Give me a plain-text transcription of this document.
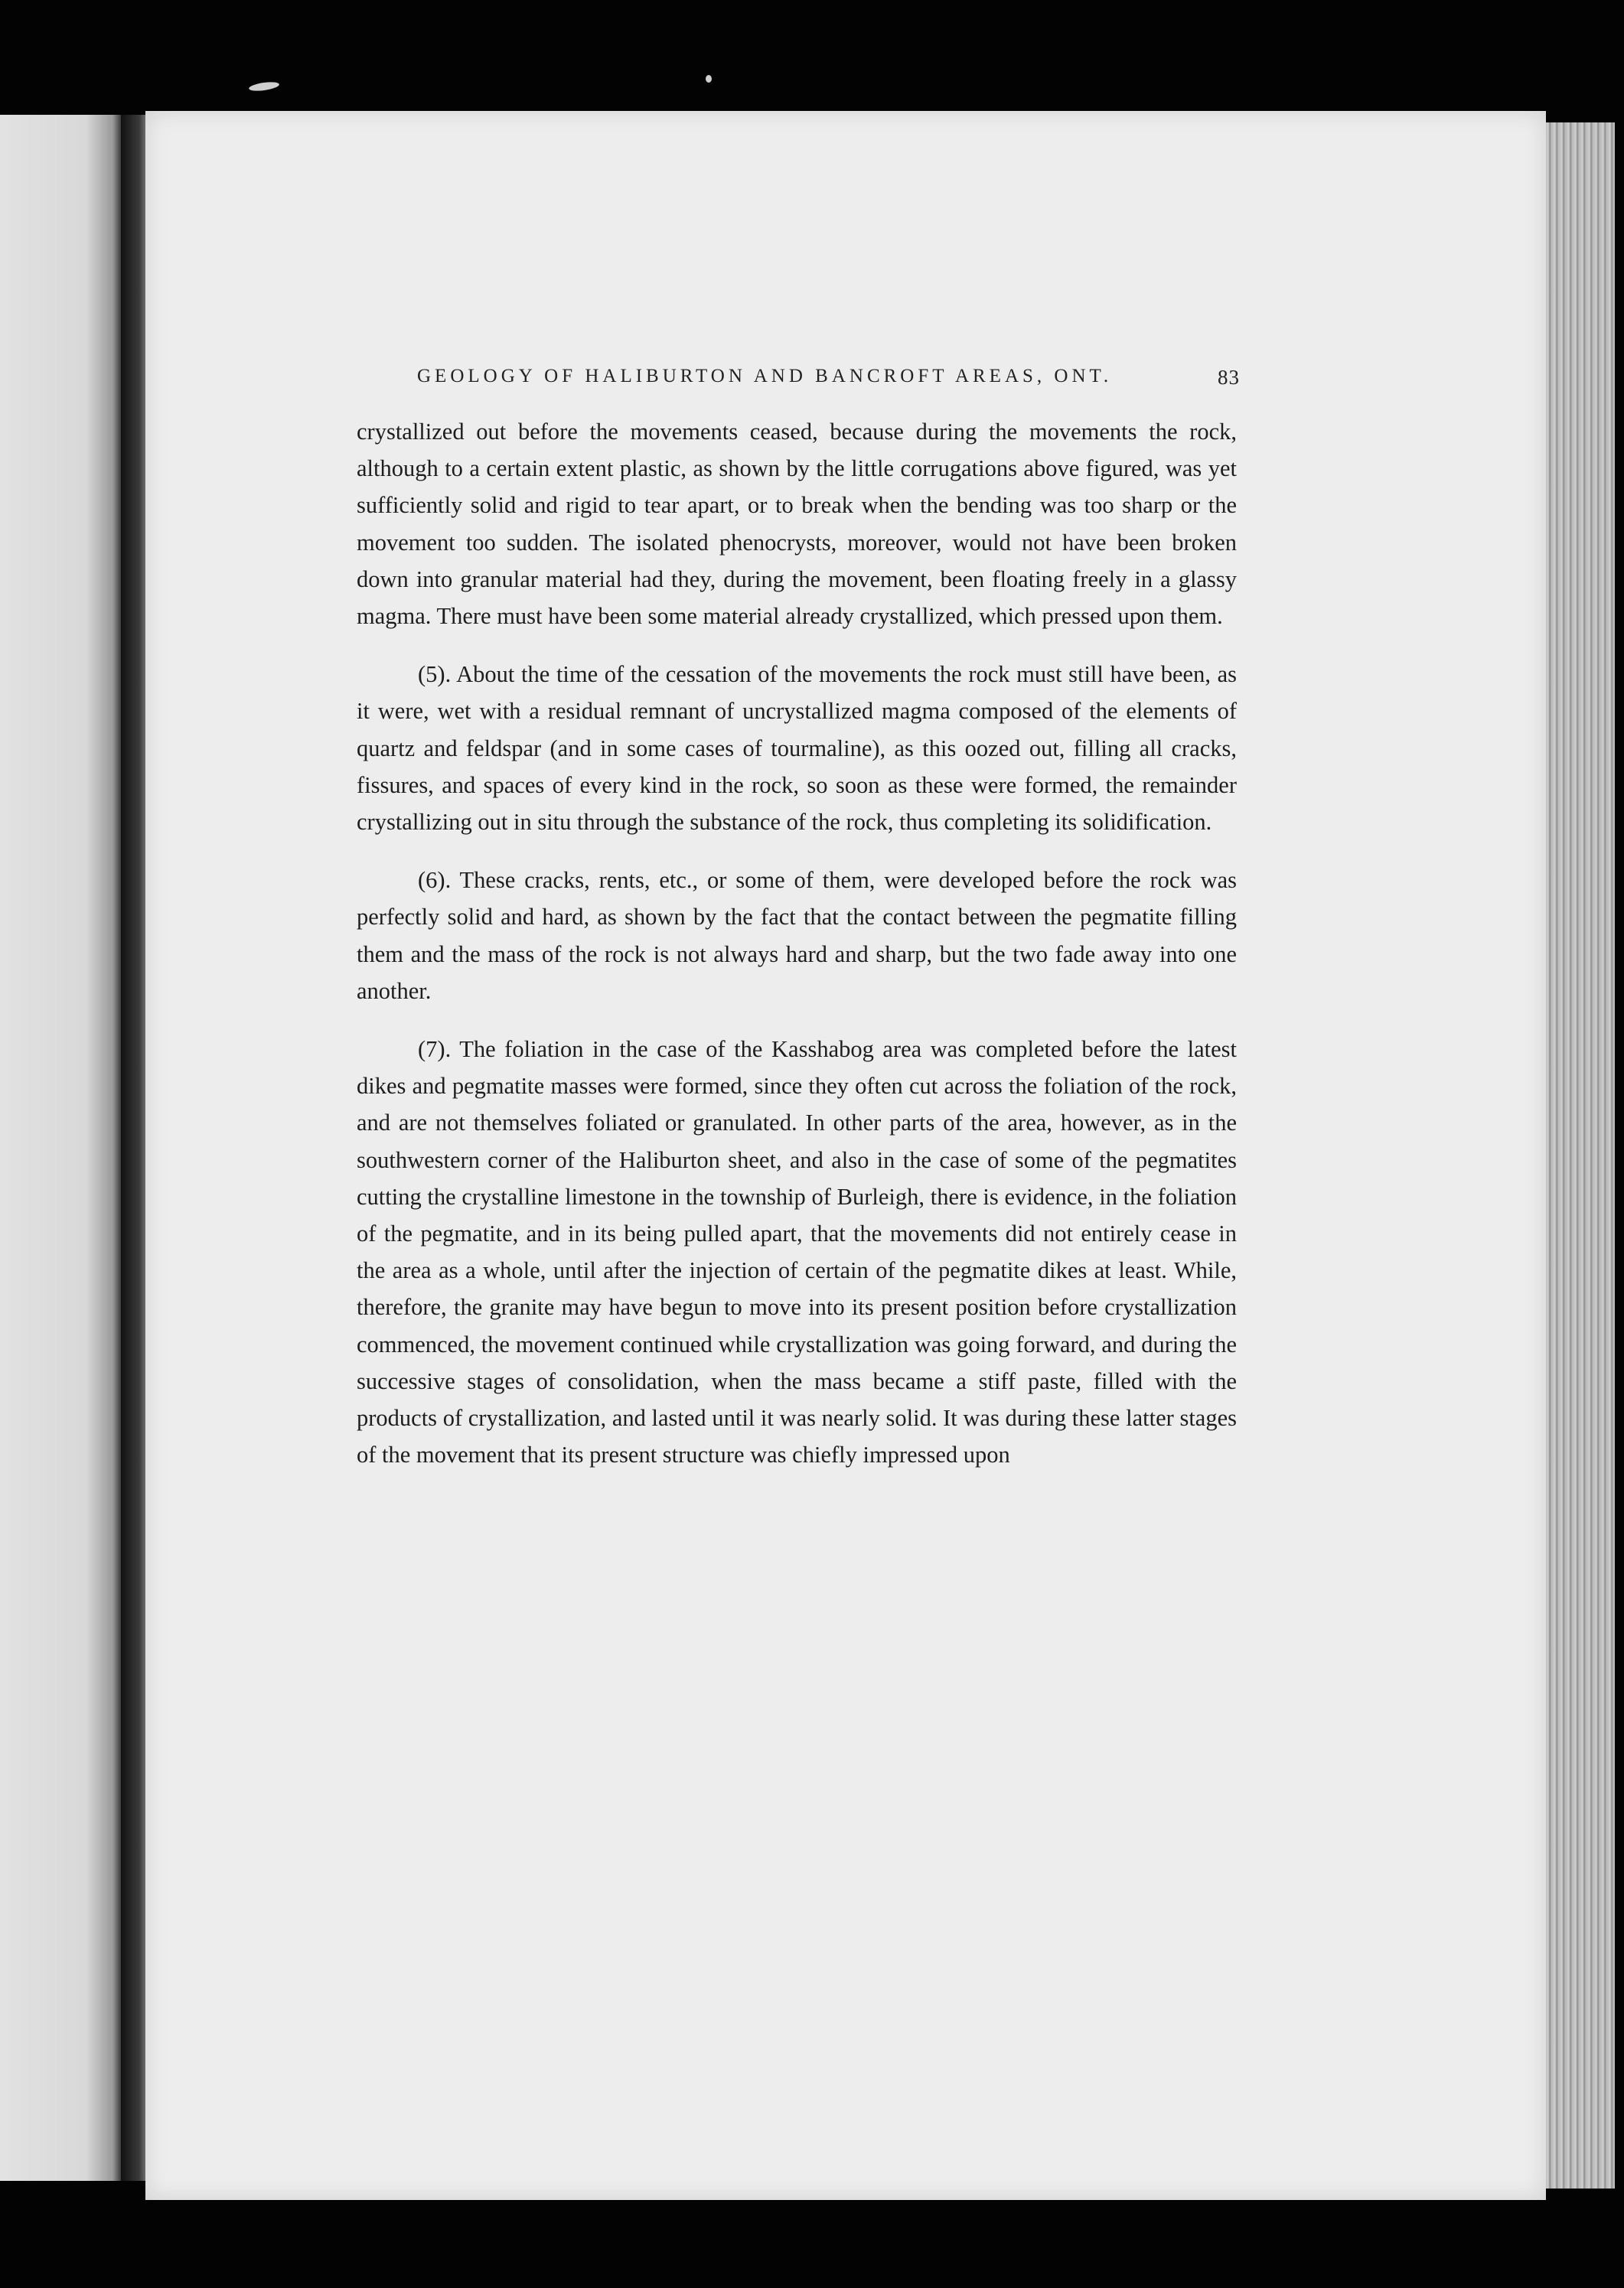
GEOLOGY OF HALIBURTON AND BANCROFT AREAS, ONT.	83

crystallized out before the movements ceased, because during the movements the rock, although to a certain extent plastic, as shown by the little corrugations above figured, was yet sufficiently solid and rigid to tear apart, or to break when the bending was too sharp or the movement too sudden. The isolated phenocrysts, moreover, would not have been broken down into granular material had they, during the movement, been floating freely in a glassy magma. There must have been some material already crystallized, which pressed upon them.

(5). About the time of the cessation of the movements the rock must still have been, as it were, wet with a residual remnant of uncrystallized magma composed of the elements of quartz and feldspar (and in some cases of tourmaline), as this oozed out, filling all cracks, fissures, and spaces of every kind in the rock, so soon as these were formed, the remainder crystallizing out in situ through the substance of the rock, thus completing its solidification.

(6). These cracks, rents, etc., or some of them, were developed before the rock was perfectly solid and hard, as shown by the fact that the contact between the pegmatite filling them and the mass of the rock is not always hard and sharp, but the two fade away into one another.

(7). The foliation in the case of the Kasshabog area was completed before the latest dikes and pegmatite masses were formed, since they often cut across the foliation of the rock, and are not themselves foliated or granulated. In other parts of the area, however, as in the southwestern corner of the Haliburton sheet, and also in the case of some of the pegmatites cutting the crystalline limestone in the township of Burleigh, there is evidence, in the foliation of the pegmatite, and in its being pulled apart, that the movements did not entirely cease in the area as a whole, until after the injection of certain of the pegmatite dikes at least. While, therefore, the granite may have begun to move into its present position before crystallization commenced, the movement continued while crystallization was going forward, and during the successive stages of consolidation, when the mass became a stiff paste, filled with the products of crystallization, and lasted until it was nearly solid. It was during these latter stages of the movement that its present structure was chiefly impressed upon
